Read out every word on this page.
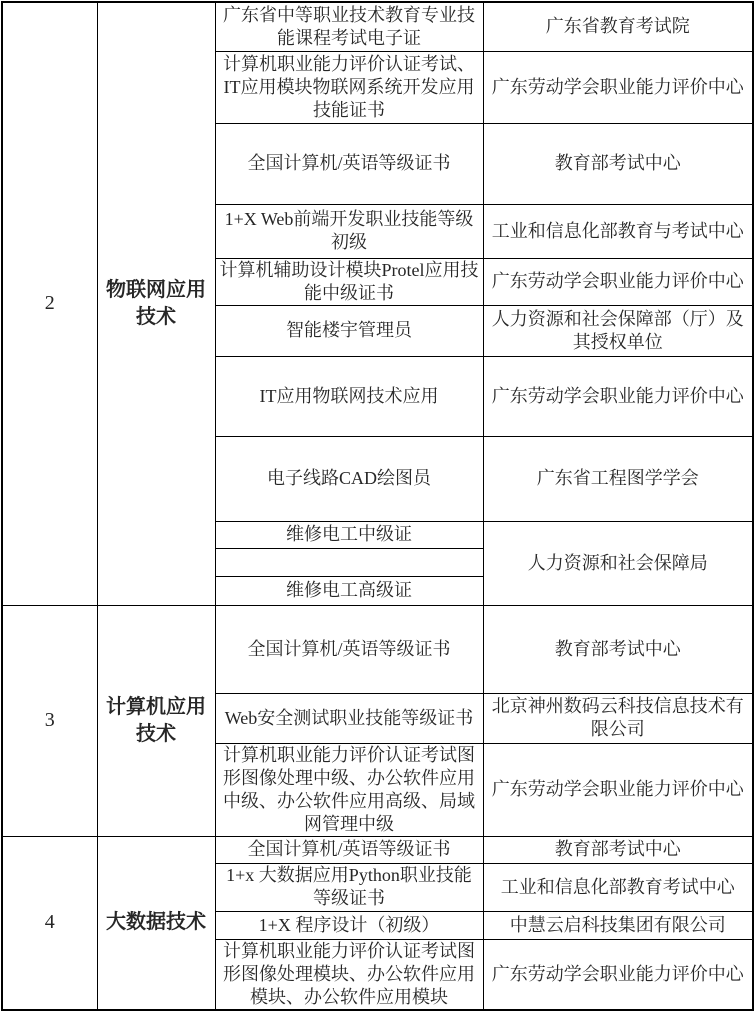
2	物联网应用技术	广东省中等职业技术教育专业技能课程考试电子证	广东省教育考试院
		计算机职业能力评价认证考试、IT应用模块物联网系统开发应用技能证书	广东劳动学会职业能力评价中心
		全国计算机/英语等级证书	教育部考试中心
		1+X Web前端开发职业技能等级初级	工业和信息化部教育与考试中心
		计算机辅助设计模块Protel应用技能中级证书	广东劳动学会职业能力评价中心
		智能楼宇管理员	人力资源和社会保障部（厅）及其授权单位
		IT应用物联网技术应用	广东劳动学会职业能力评价中心
		电子线路CAD绘图员	广东省工程图学学会
		维修电工中级证	人力资源和社会保障局

		维修电工高级证	
3	计算机应用技术	全国计算机/英语等级证书	教育部考试中心
		Web安全测试职业技能等级证书	北京神州数码云科技信息技术有限公司
		计算机职业能力评价认证考试图形图像处理中级、办公软件应用中级、办公软件应用高级、局域网管理中级	广东劳动学会职业能力评价中心
4	大数据技术	全国计算机/英语等级证书	教育部考试中心
		1+x 大数据应用Python职业技能等级证书	工业和信息化部教育考试中心
		1+X 程序设计（初级）	中慧云启科技集团有限公司
		计算机职业能力评价认证考试图形图像处理模块、办公软件应用模块、办公软件应用模块	广东劳动学会职业能力评价中心
